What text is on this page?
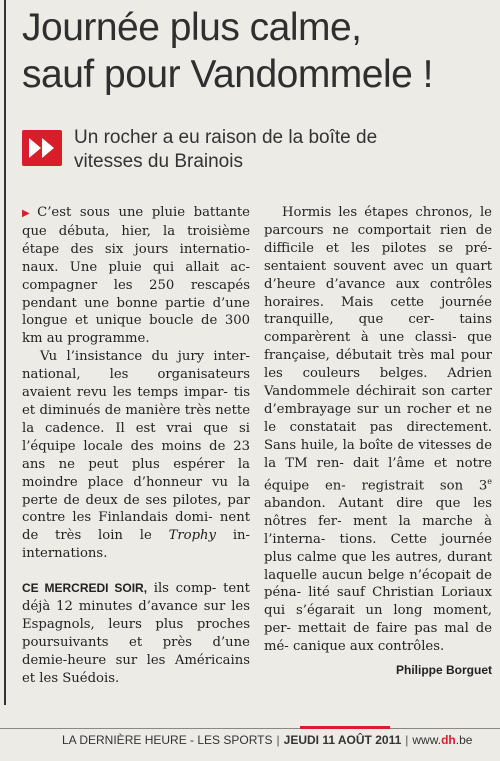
Journée plus calme,
sauf pour Vandommele !
Un rocher a eu raison de la boîte de
vitesses du Brainois

▶ C’est sous une pluie battante que débuta, hier, la troisième étape des six jours internatio- naux. Une pluie qui allait ac- compagner les 250 rescapés pendant une bonne partie d’une longue et unique boucle de 300 km au programme.

Vu l’insistance du jury inter- national, les organisateurs avaient revu les temps impar- tis et diminués de manière très nette la cadence. Il est vrai que si l’équipe locale des moins de 23 ans ne peut plus espérer la moindre place d’honneur vu la perte de deux de ses pilotes, par contre les Finlandais domi- nent de très loin le Trophy in- internations.

CE MERCREDI SOIR, ils comp- tent déjà 12 minutes d’avance sur les Espagnols, leurs plus proches poursuivants et près d’une demie-heure sur les Américains et les Suédois.

Hormis les étapes chronos, le parcours ne comportait rien de difficile et les pilotes se pré- sentaient souvent avec un quart d’heure d’avance aux contrôles horaires. Mais cette journée tranquille, que cer- tains comparèrent à une classi- que française, débutait très mal pour les couleurs belges. Adrien Vandommele déchirait son carter d’embrayage sur un rocher et ne le constatait pas directement. Sans huile, la boîte de vitesses de la TM ren- dait l’âme et notre équipe en- registrait son 3e abandon. Autant dire que les nôtres fer- ment la marche à l’interna- tions. Cette journée plus calme que les autres, durant laquelle aucun belge n’écopait de péna- lité sauf Christian Loriaux qui s’égarait un long moment, per- mettait de faire pas mal de mé- canique aux contrôles.

Philippe Borguet
LA DERNIÈRE HEURE - LES SPORTS | JEUDI 11 AOÛT 2011 | www.dh.be
